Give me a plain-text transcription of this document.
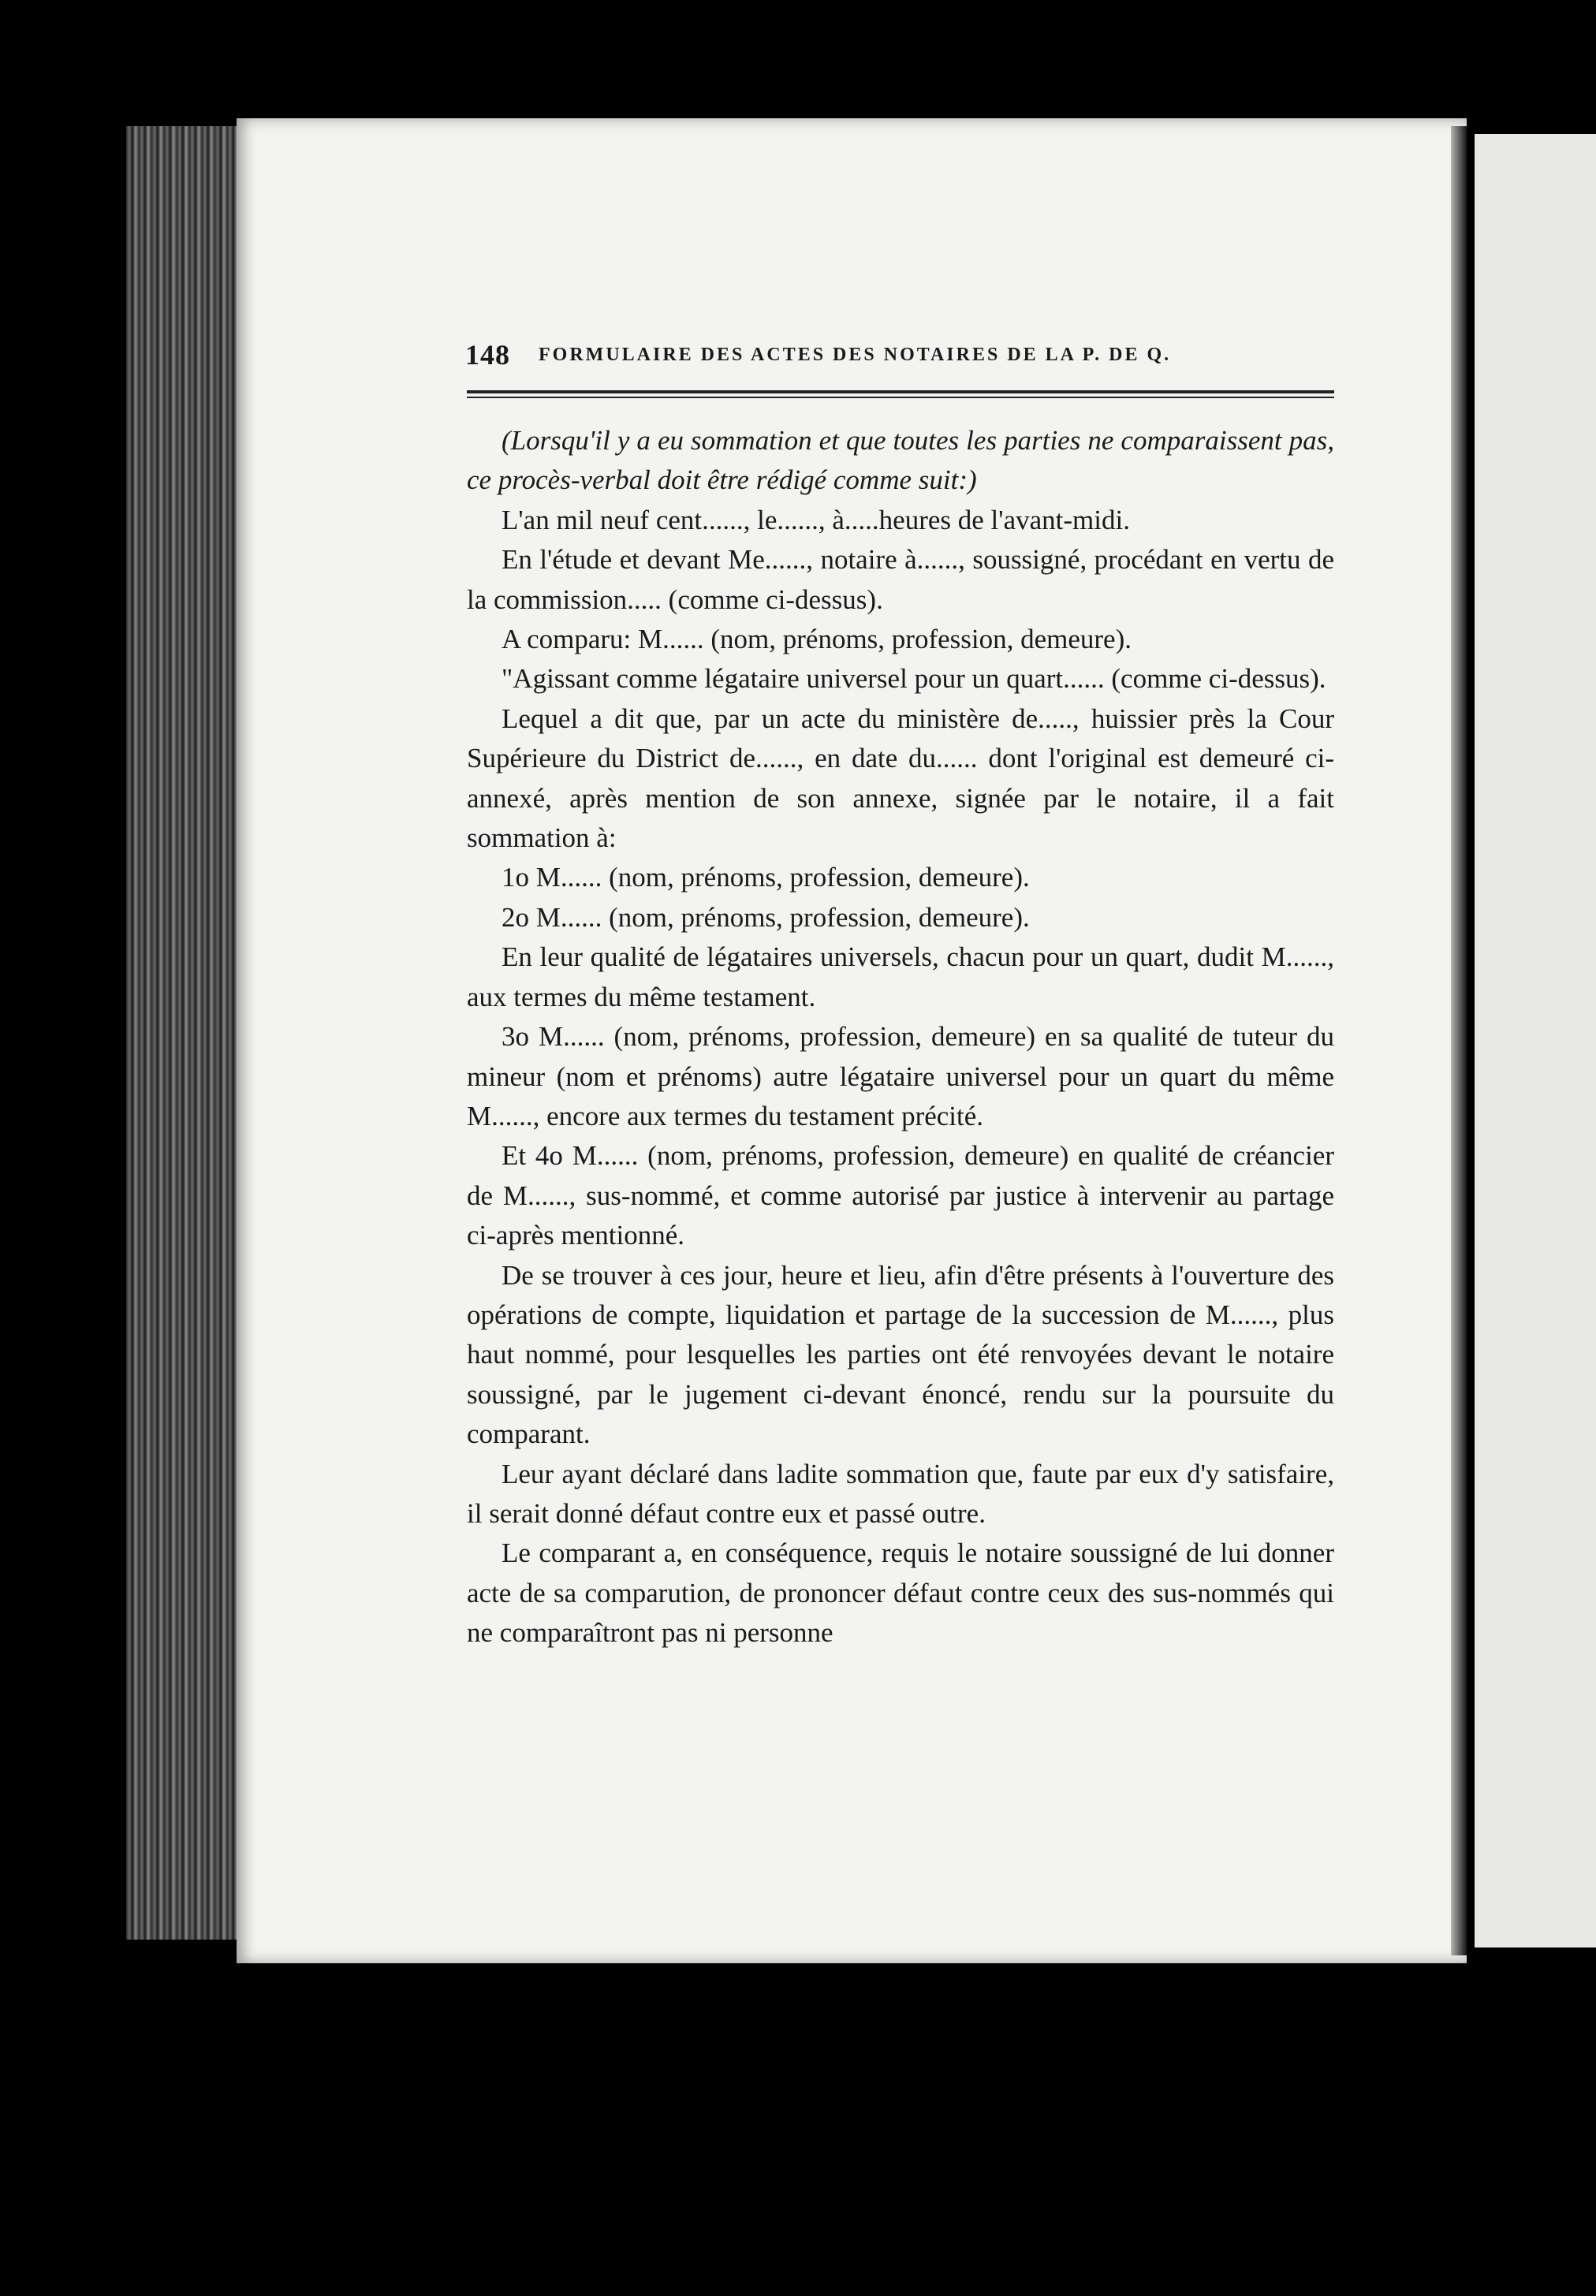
148 FORMULAIRE DES ACTES DES NOTAIRES DE LA P. DE Q.

(Lorsqu'il y a eu sommation et que toutes les parties ne comparaissent pas, ce procès-verbal doit être rédigé comme suit:)

L'an mil neuf cent......, le......, à.....heures de l'avant-midi.

En l'étude et devant Me......, notaire à......, soussigné, procédant en vertu de la commission..... (comme ci-dessus).

A comparu: M...... (nom, prénoms, profession, demeure).

"Agissant comme légataire universel pour un quart...... (comme ci-dessus).

Lequel a dit que, par un acte du ministère de....., huissier près la Cour Supérieure du District de......, en date du...... dont l'original est demeuré ci-annexé, après mention de son annexe, signée par le notaire, il a fait sommation à:

1o M...... (nom, prénoms, profession, demeure).

2o M...... (nom, prénoms, profession, demeure).

En leur qualité de légataires universels, chacun pour un quart, dudit M......, aux termes du même testament.

3o M...... (nom, prénoms, profession, demeure) en sa qualité de tuteur du mineur (nom et prénoms) autre légataire universel pour un quart du même M......, encore aux termes du testament précité.

Et 4o M...... (nom, prénoms, profession, demeure) en qualité de créancier de M......, sus-nommé, et comme autorisé par justice à intervenir au partage ci-après mentionné.

De se trouver à ces jour, heure et lieu, afin d'être présents à l'ouverture des opérations de compte, liquidation et partage de la succession de M......, plus haut nommé, pour lesquelles les parties ont été renvoyées devant le notaire soussigné, par le jugement ci-devant énoncé, rendu sur la poursuite du comparant.

Leur ayant déclaré dans ladite sommation que, faute par eux d'y satisfaire, il serait donné défaut contre eux et passé outre.

Le comparant a, en conséquence, requis le notaire soussigné de lui donner acte de sa comparution, de prononcer défaut contre ceux des sus-nommés qui ne comparaîtront pas ni personne
